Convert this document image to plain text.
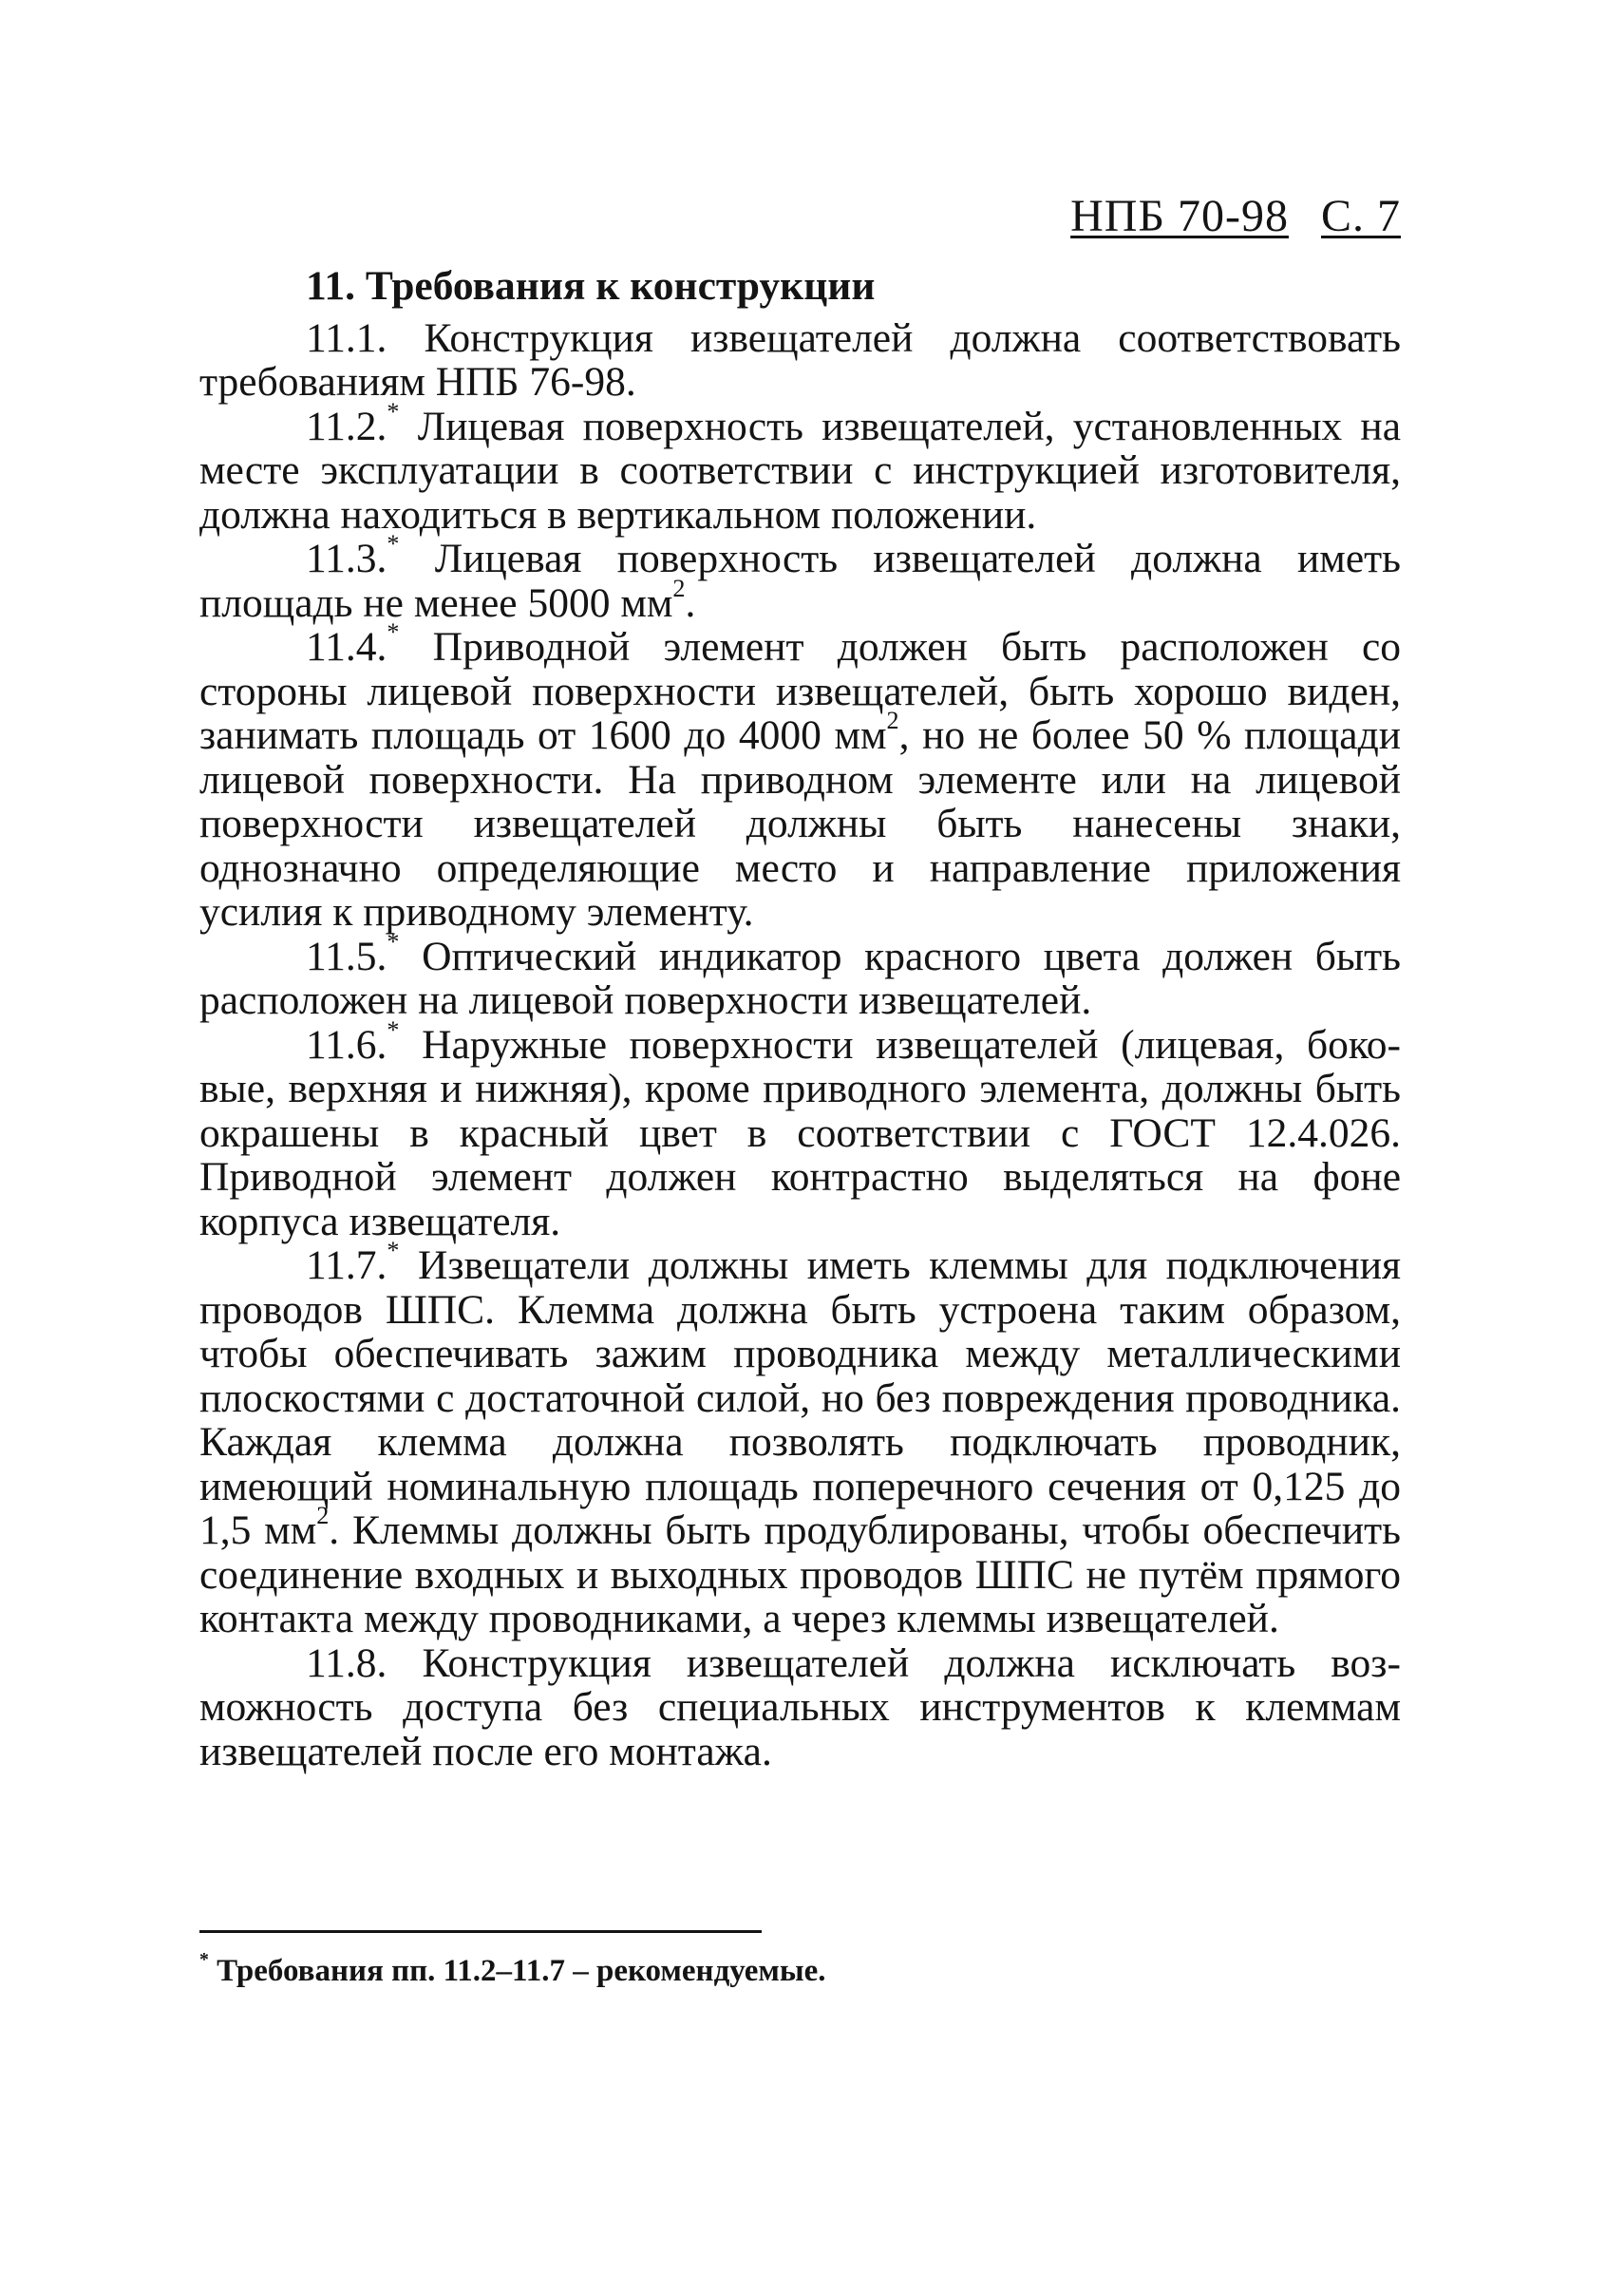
НПБ 70-98 С. 7
11. Требования к конструкции

11.1. Конструкция извещателей должна соответствовать требованиям НПБ 76-98.

11.2.* Лицевая поверхность извещателей, установленных на месте эксплуатации в соответствии с инструкцией изготовителя, должна находиться в вертикальном положении.

11.3.* Лицевая поверхность извещателей должна иметь площадь не менее 5000 $мм^2$.

11.4.* Приводной элемент должен быть расположен со стороны лицевой поверхности извещателей, быть хорошо виден, занимать площадь от 1600 до 4000 $мм^2$, но не более 50 % площади лицевой поверхности. На приводном элементе или на лицевой поверхности извещателей должны быть нанесены знаки, однозначно определяющие место и направление приложения усилия к приводному элементу.

11.5.* Оптический индикатор красного цвета должен быть расположен на лицевой поверхности извещателей.

11.6.* Наружные поверхности извещателей (лицевая, боковые, верхняя и нижняя), кроме приводного элемента, должны быть окрашены в красный цвет в соответствии с ГОСТ 12.4.026. Приводной элемент должен контрастно выделяться на фоне корпуса извещателя.

11.7.* Извещатели должны иметь клеммы для подключения проводов ШПС. Клемма должна быть устроена таким образом, чтобы обеспечивать зажим проводника между металлическими плоскостями с достаточной силой, но без повреждения проводника. Каждая клемма должна позволять подключать проводник, имеющий номинальную площадь поперечного сечения от 0,125 до 1,5 $мм^2$. Клеммы должны быть продублированы, чтобы обеспечить соединение входных и выходных проводов ШПС не путём прямого контакта между проводниками, а через клеммы извещателей.

11.8. Конструкция извещателей должна исключать возможность доступа без специальных инструментов к клеммам извещателей после его монтажа.

* Требования пп. 11.2–11.7 – рекомендуемые.
